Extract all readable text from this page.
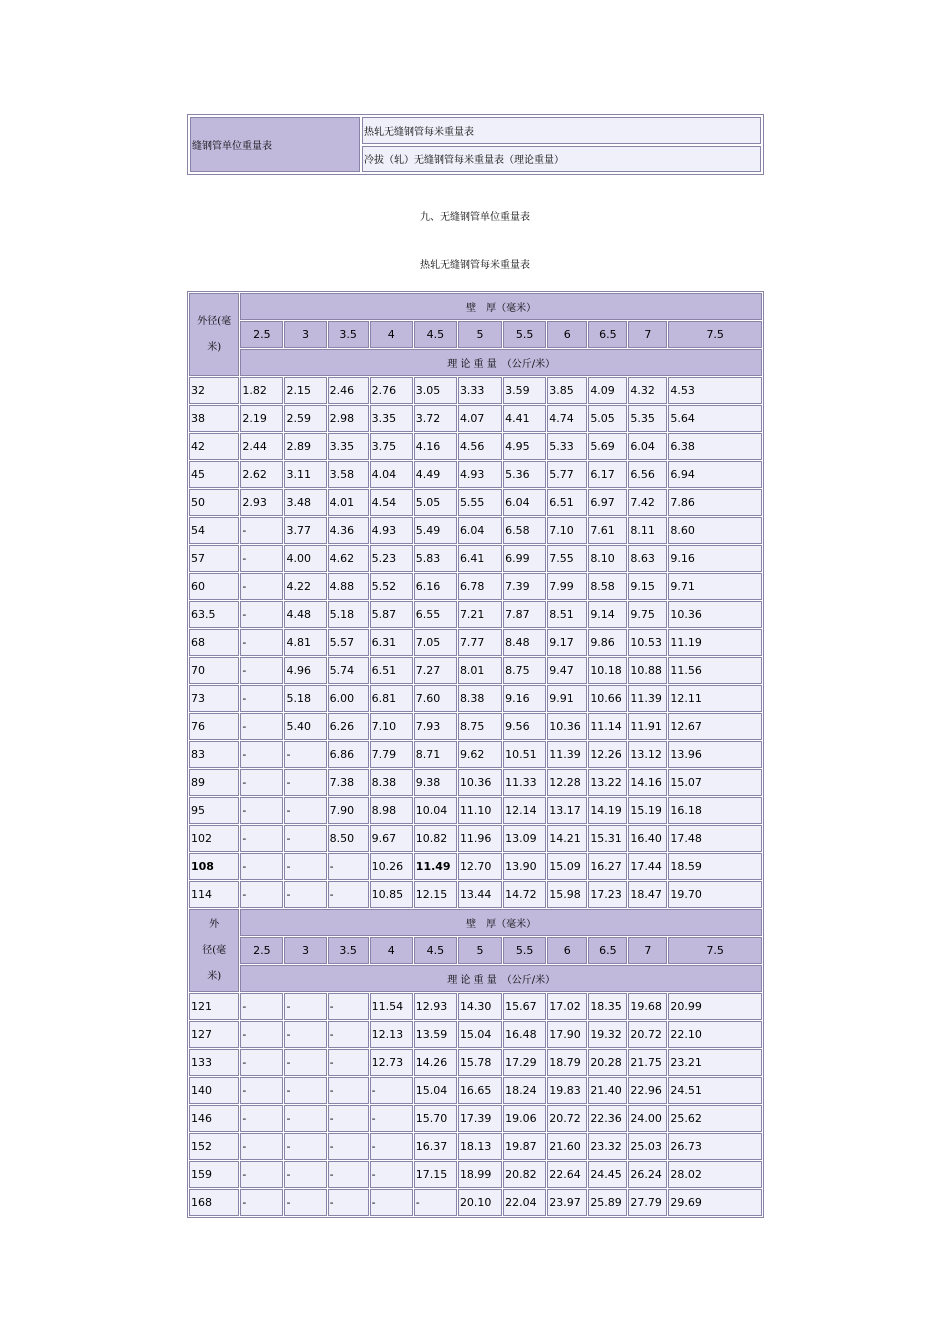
缝钢管单位重量表	热轧无缝钢管每米重量表
冷拔（轧）无缝钢管每米重量表（理论重量）
九、无缝钢管单位重量表
热轧无缝钢管每米重量表
外径(毫米)	壁　厚（毫米）										
	2.5	3	3.5	4	4.5	5	5.5	6	6.5	7	7.5
	理 论 重 量　（公斤/米）										
32	1.82	2.15	2.46	2.76	3.05	3.33	3.59	3.85	4.09	4.32	4.53
38	2.19	2.59	2.98	3.35	3.72	4.07	4.41	4.74	5.05	5.35	5.64
42	2.44	2.89	3.35	3.75	4.16	4.56	4.95	5.33	5.69	6.04	6.38
45	2.62	3.11	3.58	4.04	4.49	4.93	5.36	5.77	6.17	6.56	6.94
50	2.93	3.48	4.01	4.54	5.05	5.55	6.04	6.51	6.97	7.42	7.86
54	-	3.77	4.36	4.93	5.49	6.04	6.58	7.10	7.61	8.11	8.60
57	-	4.00	4.62	5.23	5.83	6.41	6.99	7.55	8.10	8.63	9.16
60	-	4.22	4.88	5.52	6.16	6.78	7.39	7.99	8.58	9.15	9.71
63.5	-	4.48	5.18	5.87	6.55	7.21	7.87	8.51	9.14	9.75	10.36
68	-	4.81	5.57	6.31	7.05	7.77	8.48	9.17	9.86	10.53	11.19
70	-	4.96	5.74	6.51	7.27	8.01	8.75	9.47	10.18	10.88	11.56
73	-	5.18	6.00	6.81	7.60	8.38	9.16	9.91	10.66	11.39	12.11
76	-	5.40	6.26	7.10	7.93	8.75	9.56	10.36	11.14	11.91	12.67
83	-	-	6.86	7.79	8.71	9.62	10.51	11.39	12.26	13.12	13.96
89	-	-	7.38	8.38	9.38	10.36	11.33	12.28	13.22	14.16	15.07
95	-	-	7.90	8.98	10.04	11.10	12.14	13.17	14.19	15.19	16.18
102	-	-	8.50	9.67	10.82	11.96	13.09	14.21	15.31	16.40	17.48
108	-	-	-	10.26	11.49	12.70	13.90	15.09	16.27	17.44	18.59
114	-	-	-	10.85	12.15	13.44	14.72	15.98	17.23	18.47	19.70

外
径(毫
米)	壁　厚（毫米）										
	2.5	3	3.5	4	4.5	5	5.5	6	6.5	7	7.5
	理 论 重 量　（公斤/米）										
121	-	-	-	11.54	12.93	14.30	15.67	17.02	18.35	19.68	20.99
127	-	-	-	12.13	13.59	15.04	16.48	17.90	19.32	20.72	22.10
133	-	-	-	12.73	14.26	15.78	17.29	18.79	20.28	21.75	23.21
140	-	-	-	-	15.04	16.65	18.24	19.83	21.40	22.96	24.51
146	-	-	-	-	15.70	17.39	19.06	20.72	22.36	24.00	25.62
152	-	-	-	-	16.37	18.13	19.87	21.60	23.32	25.03	26.73
159	-	-	-	-	17.15	18.99	20.82	22.64	24.45	26.24	28.02
168	-	-	-	-	-	20.10	22.04	23.97	25.89	27.79	29.69
